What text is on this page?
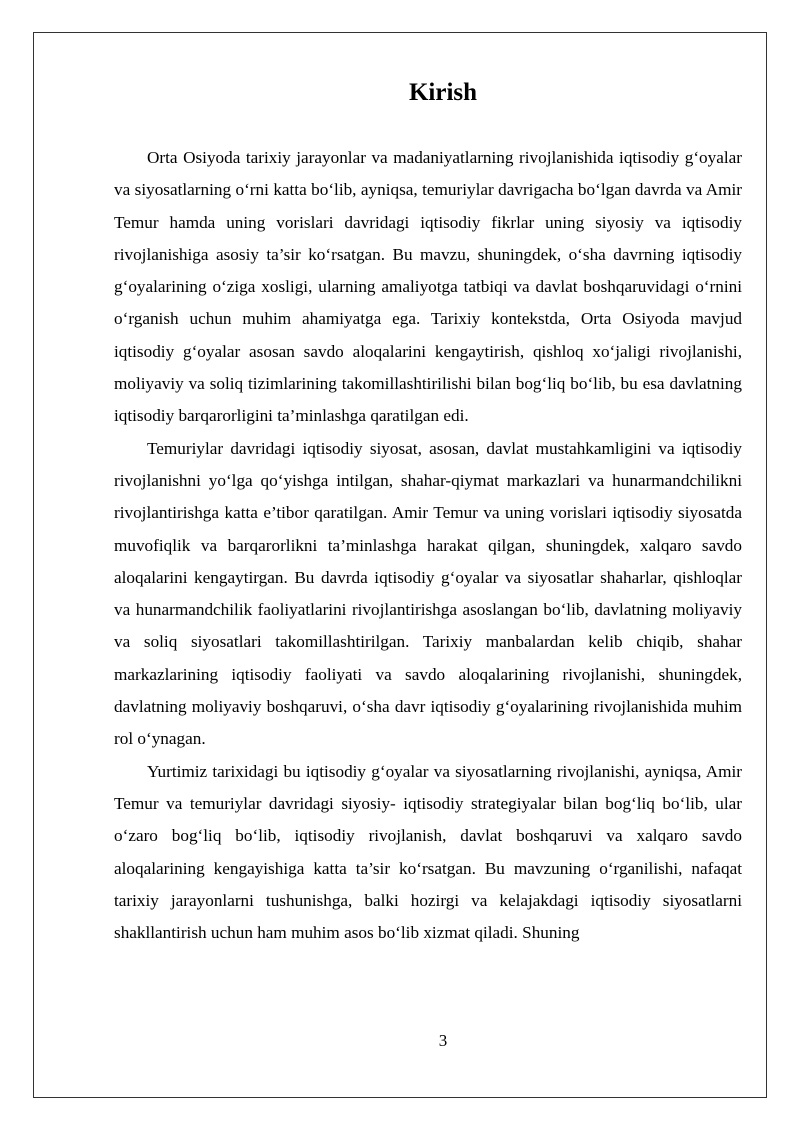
Kirish

Orta Osiyoda tarixiy jarayonlar va madaniyatlarning rivojlanishida iqtisodiy g‘oyalar va siyosatlarning o‘rni katta bo‘lib, ayniqsa, temuriylar davrigacha bo‘lgan davrda va Amir Temur hamda uning vorislari davridagi iqtisodiy fikrlar uning siyosiy va iqtisodiy rivojlanishiga asosiy ta’sir ko‘rsatgan. Bu mavzu, shuningdek, o‘sha davrning iqtisodiy g‘oyalarining o‘ziga xosligi, ularning amaliyotga tatbiqi va davlat boshqaruvidagi o‘rnini o‘rganish uchun muhim ahamiyatga ega. Tarixiy kontekstda, Orta Osiyoda mavjud iqtisodiy g‘oyalar asosan savdo aloqalarini kengaytirish, qishloq xo‘jaligi rivojlanishi, moliyaviy va soliq tizimlarining takomillashtirilishi bilan bog‘liq bo‘lib, bu esa davlatning iqtisodiy barqarorligini ta’minlashga qaratilgan edi.

Temuriylar davridagi iqtisodiy siyosat, asosan, davlat mustahkamligini va iqtisodiy rivojlanishni yo‘lga qo‘yishga intilgan, shahar-qiymat markazlari va hunarmandchilikni rivojlantirishga katta e’tibor qaratilgan. Amir Temur va uning vorislari iqtisodiy siyosatda muvofiqlik va barqarorlikni ta’minlashga harakat qilgan, shuningdek, xalqaro savdo aloqalarini kengaytirgan. Bu davrda iqtisodiy g‘oyalar va siyosatlar shaharlar, qishloqlar va hunarmandchilik faoliyatlarini rivojlantirishga asoslangan bo‘lib, davlatning moliyaviy va soliq siyosatlari takomillashtirilgan. Tarixiy manbalardan kelib chiqib, shahar markazlarining iqtisodiy faoliyati va savdo aloqalarining rivojlanishi, shuningdek, davlatning moliyaviy boshqaruvi, o‘sha davr iqtisodiy g‘oyalarining rivojlanishida muhim rol o‘ynagan.

Yurtimiz tarixidagi bu iqtisodiy g‘oyalar va siyosatlarning rivojlanishi, ayniqsa, Amir Temur va temuriylar davridagi siyosiy- iqtisodiy strategiyalar bilan bog‘liq bo‘lib, ular o‘zaro bog‘liq bo‘lib, iqtisodiy rivojlanish, davlat boshqaruvi va xalqaro savdo aloqalarining kengayishiga katta ta’sir ko‘rsatgan. Bu mavzuning o‘rganilishi, nafaqat tarixiy jarayonlarni tushunishga, balki hozirgi va kelajakdagi iqtisodiy siyosatlarni shakllantirish uchun ham muhim asos bo‘lib xizmat qiladi. Shuning

3
